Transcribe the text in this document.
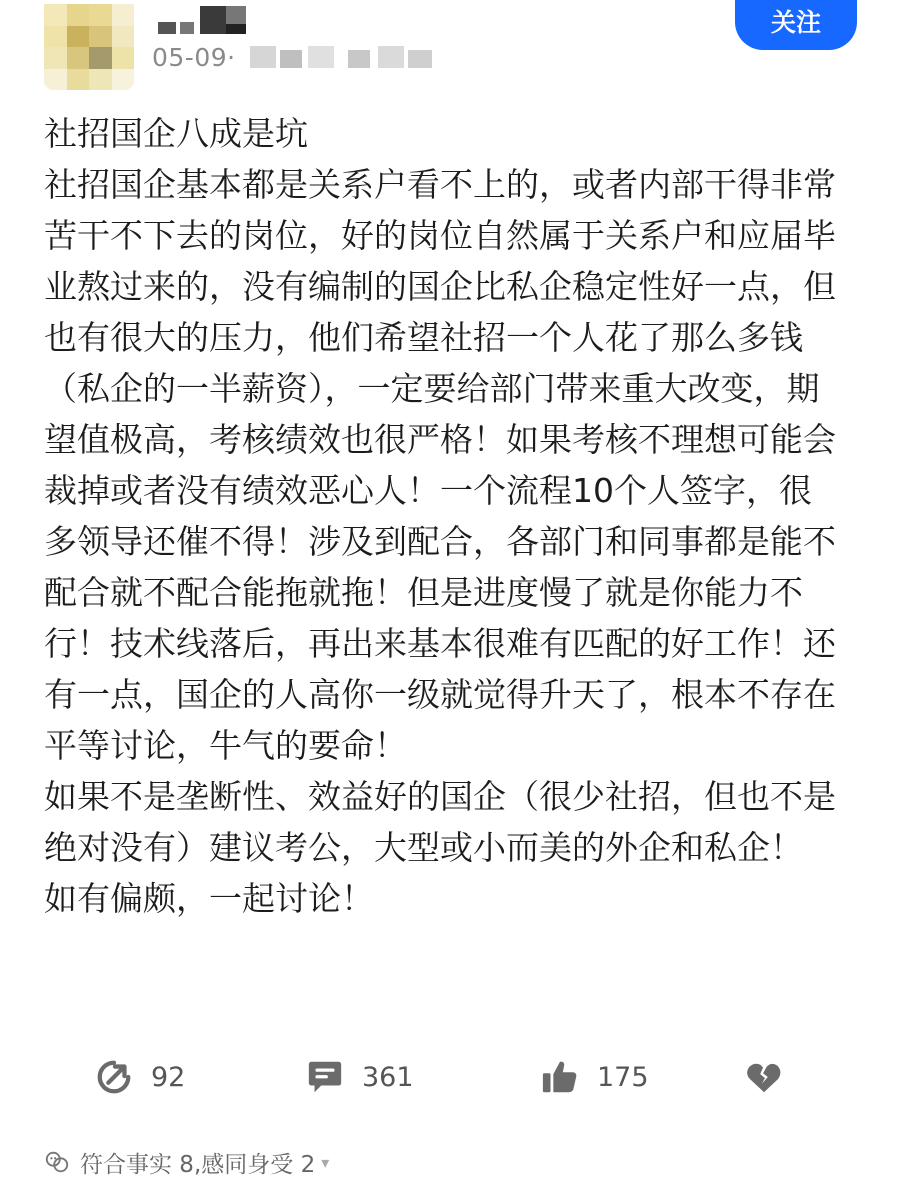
05-09 ·
关注

社招国企八成是坑

社招国企基本都是关系户看不上的，或者内部干得非常苦干不下去的岗位，好的岗位自然属于关系户和应届毕业熬过来的，没有编制的国企比私企稳定性好一点，但也有很大的压力，他们希望社招一个人花了那么多钱（私企的一半薪资），一定要给部门带来重大改变，期望值极高，考核绩效也很严格！如果考核不理想可能会裁掉或者没有绩效恶心人！一个流程10个人签字，很多领导还催不得！涉及到配合，各部门和同事都是能不配合就不配合能拖就拖！但是进度慢了就是你能力不行！技术线落后，再出来基本很难有匹配的好工作！还有一点，国企的人高你一级就觉得升天了，根本不存在平等讨论，牛气的要命！

如果不是垄断性、效益好的国企（很少社招，但也不是绝对没有）建议考公，大型或小而美的外企和私企！

如有偏颇，一起讨论！

92	361	175
符合事实 8,感同身受 2 ▾
